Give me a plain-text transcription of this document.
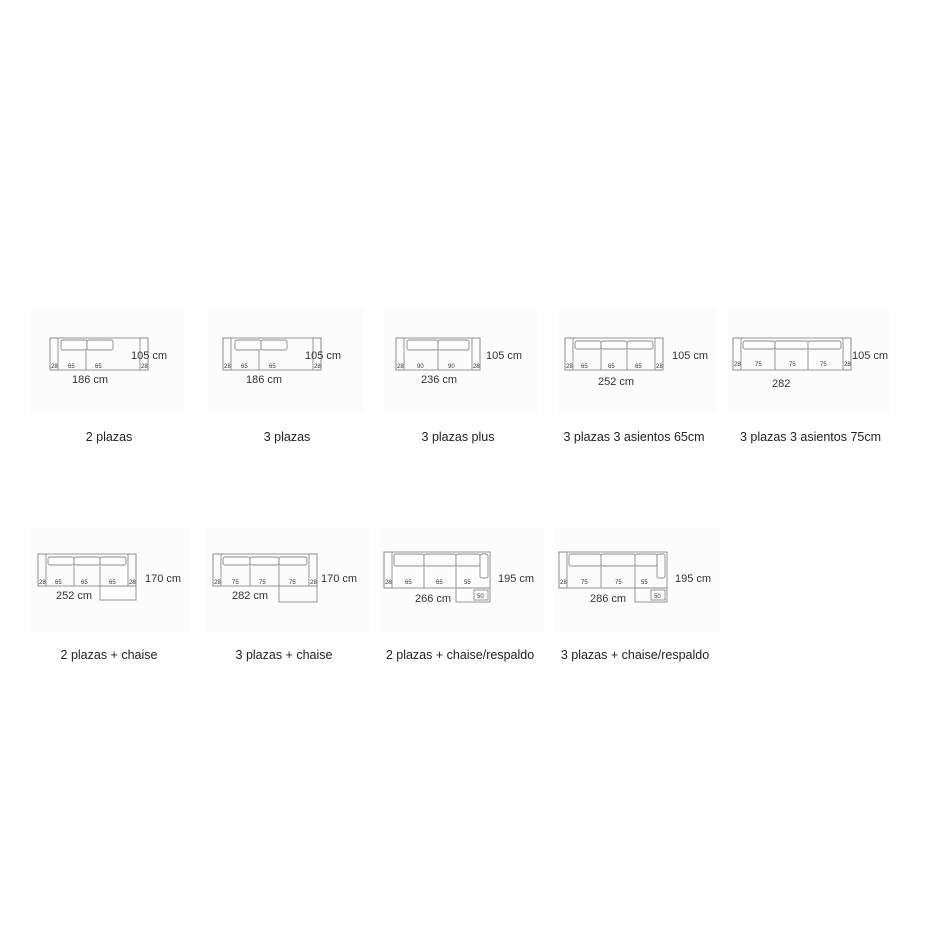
28	28
65	65
105 cm
186 cm
2 plazas
28	28
65	65
105 cm
186 cm
3 plazas
28	28
90	90
105 cm
236 cm
3 plazas plus
28	28
65	65	65
105 cm
252 cm
3 plazas 3 asientos 65cm
28	28
75	75	75
105 cm
282
3 plazas 3 asientos 75cm
28	28
65	65	65	170 cm
252 cm
2 plazas + chaise
28	28
75	75	75 170 cm
282 cm
3 plazas + chaise
28 65	65	55
50
195 cm
266 cm
2 plazas + chaise/respaldo
28 75	75	55
50
195 cm
286 cm
3 plazas + chaise/respaldo
